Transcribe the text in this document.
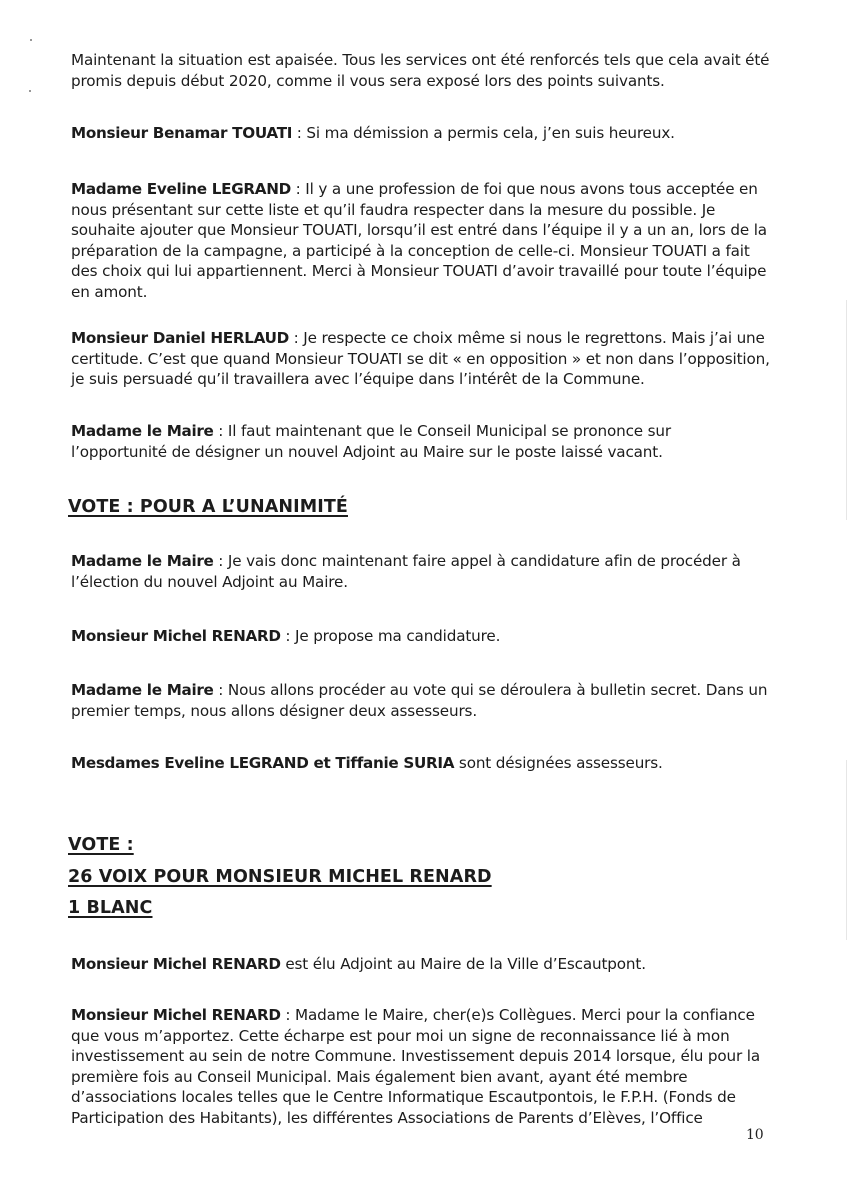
Maintenant la situation est apaisée. Tous les services ont été renforcés tels que cela avait été promis depuis début 2020, comme il vous sera exposé lors des points suivants.

Monsieur Benamar TOUATI : Si ma démission a permis cela, j’en suis heureux.

Madame Eveline LEGRAND : Il y a une profession de foi que nous avons tous acceptée en nous présentant sur cette liste et qu’il faudra respecter dans la mesure du possible. Je souhaite ajouter que Monsieur TOUATI, lorsqu’il est entré dans l’équipe il y a un an, lors de la préparation de la campagne, a participé à la conception de celle-ci. Monsieur TOUATI a fait des choix qui lui appartiennent. Merci à Monsieur TOUATI d’avoir travaillé pour toute l’équipe en amont.

Monsieur Daniel HERLAUD : Je respecte ce choix même si nous le regrettons. Mais j’ai une certitude. C’est que quand Monsieur TOUATI se dit « en opposition » et non dans l’opposition, je suis persuadé qu’il travaillera avec l’équipe dans l’intérêt de la Commune.

Madame le Maire : Il faut maintenant que le Conseil Municipal se prononce sur l’opportunité de désigner un nouvel Adjoint au Maire sur le poste laissé vacant.

VOTE : POUR A L’UNANIMITÉ

Madame le Maire : Je vais donc maintenant faire appel à candidature afin de procéder à l’élection du nouvel Adjoint au Maire.

Monsieur Michel RENARD : Je propose ma candidature.

Madame le Maire : Nous allons procéder au vote qui se déroulera à bulletin secret. Dans un premier temps, nous allons désigner deux assesseurs.

Mesdames Eveline LEGRAND et Tiffanie SURIA sont désignées assesseurs.

VOTE :
26 VOIX POUR MONSIEUR MICHEL RENARD
1 BLANC

Monsieur Michel RENARD est élu Adjoint au Maire de la Ville d’Escautpont.

Monsieur Michel RENARD : Madame le Maire, cher(e)s Collègues. Merci pour la confiance que vous m’apportez. Cette écharpe est pour moi un signe de reconnaissance lié à mon investissement au sein de notre Commune. Investissement depuis 2014 lorsque, élu pour la première fois au Conseil Municipal. Mais également bien avant, ayant été membre d’associations locales telles que le Centre Informatique Escautpontois, le F.P.H. (Fonds de Participation des Habitants), les différentes Associations de Parents d’Elèves, l’Office

10
